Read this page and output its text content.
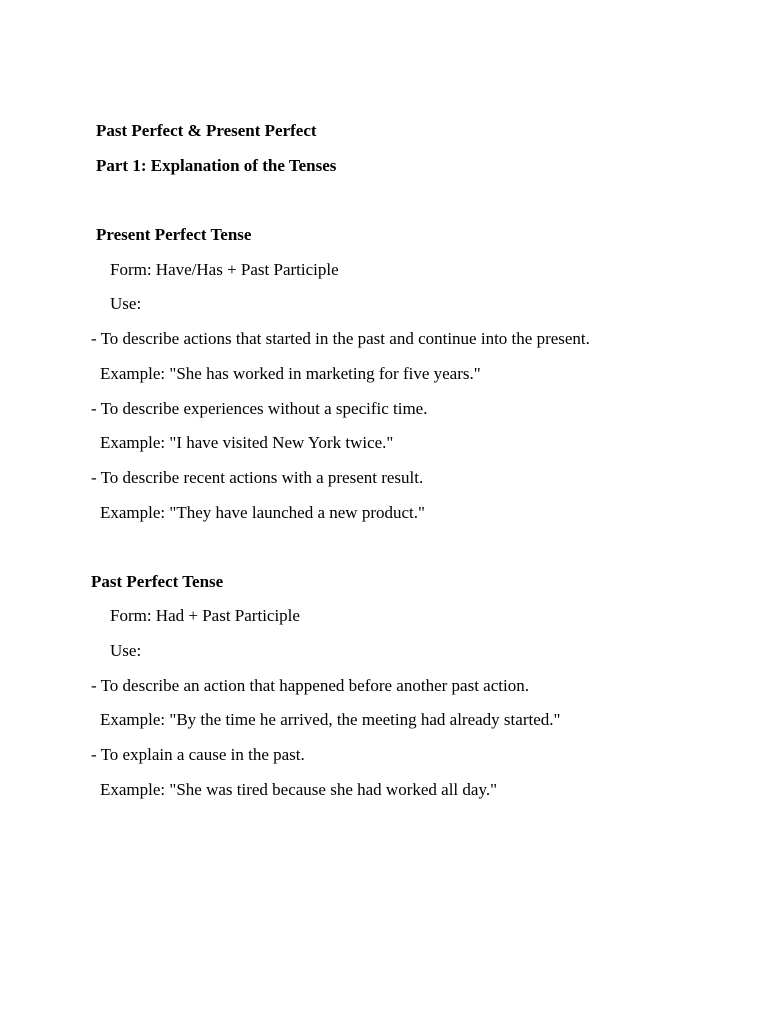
Past Perfect & Present Perfect
Part 1: Explanation of the Tenses
Present Perfect Tense
Form: Have/Has + Past Participle
Use:
- To describe actions that started in the past and continue into the present.
Example: "She has worked in marketing for five years."
- To describe experiences without a specific time.
Example: "I have visited New York twice."
- To describe recent actions with a present result.
Example: "They have launched a new product."
Past Perfect Tense
Form: Had + Past Participle
Use:
- To describe an action that happened before another past action.
Example: "By the time he arrived, the meeting had already started."
- To explain a cause in the past.
Example: "She was tired because she had worked all day."
